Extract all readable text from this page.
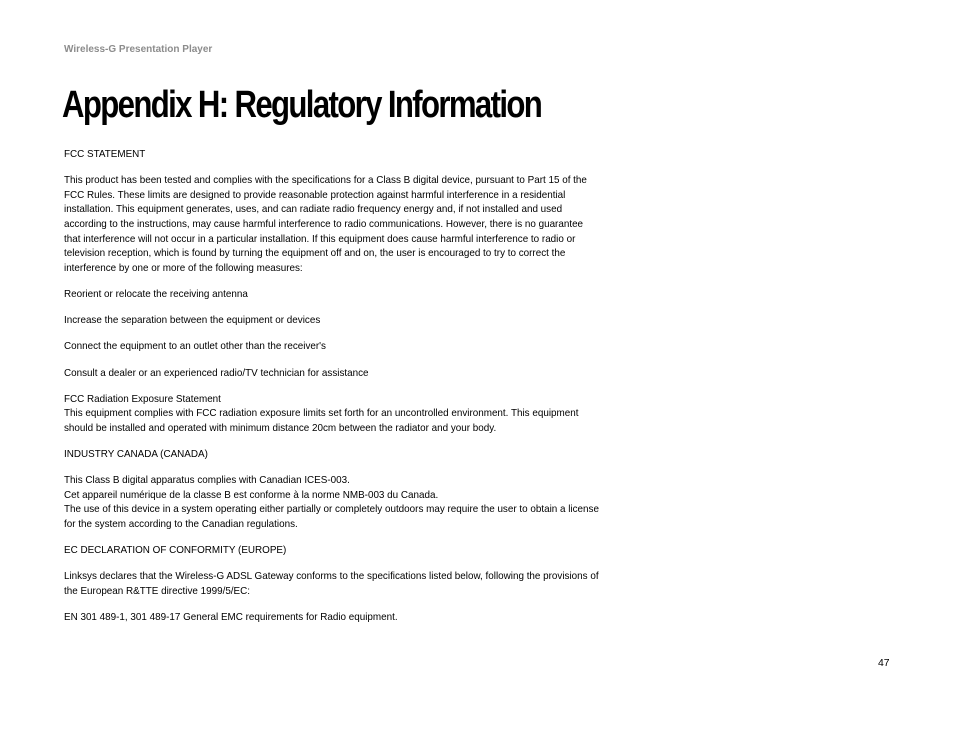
Wireless-G Presentation Player
Appendix H: Regulatory Information

FCC STATEMENT

This product has been tested and complies with the specifications for a Class B digital device, pursuant to Part 15 of the

FCC Rules. These limits are designed to provide reasonable protection against harmful interference in a residential

installation. This equipment generates, uses, and can radiate radio frequency energy and, if not installed and used

according to the instructions, may cause harmful interference to radio communications. However, there is no guarantee

that interference will not occur in a particular installation. If this equipment does cause harmful interference to radio or

television reception, which is found by turning the equipment off and on, the user is encouraged to try to correct the

interference by one or more of the following measures:

Reorient or relocate the receiving antenna

Increase the separation between the equipment or devices

Connect the equipment to an outlet other than the receiver's

Consult a dealer or an experienced radio/TV technician for assistance

FCC Radiation Exposure Statement

This equipment complies with FCC radiation exposure limits set forth for an uncontrolled environment. This equipment

should be installed and operated with minimum distance 20cm between the radiator and your body.

INDUSTRY CANADA (CANADA)

This Class B digital apparatus complies with Canadian ICES-003.

Cet appareil numérique de la classe B est conforme à la norme NMB-003 du Canada.

The use of this device in a system operating either partially or completely outdoors may require the user to obtain a license

for the system according to the Canadian regulations.

EC DECLARATION OF CONFORMITY (EUROPE)

Linksys declares that the Wireless-G ADSL Gateway conforms to the specifications listed below, following the provisions of

the European R&TTE directive 1999/5/EC:

EN 301 489-1, 301 489-17 General EMC requirements for Radio equipment.

47
